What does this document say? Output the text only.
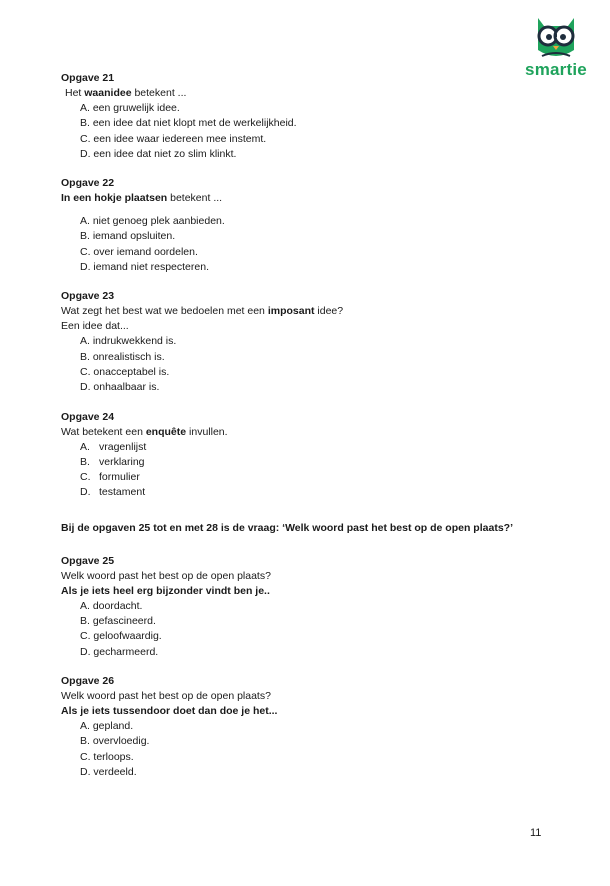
smartie
Opgave 21
Het waanidee betekent ...
A. een gruwelijk idee.
B. een idee dat niet klopt met de werkelijkheid.
C. een idee waar iedereen mee instemt.
D. een idee dat niet zo slim klinkt.
Opgave 22
In een hokje plaatsen betekent ...
A. niet genoeg plek aanbieden.
B. iemand opsluiten.
C. over iemand oordelen.
D. iemand niet respecteren.
Opgave 23
Wat zegt het best wat we bedoelen met een imposant idee?
Een idee dat...
A. indrukwekkend is.
B. onrealistisch is.
C. onacceptabel is.
D. onhaalbaar is.
Opgave 24
Wat betekent een enquête invullen.
A. vragenlijst
B. verklaring
C. formulier
D. testament
Bij de opgaven 25 tot en met 28 is de vraag: ‘Welk woord past het best op de open plaats?’
Opgave 25
Welk woord past het best op de open plaats?
Als je iets heel erg bijzonder vindt ben je..
A. doordacht.
B. gefascineerd.
C. geloofwaardig.
D. gecharmeerd.
Opgave 26
Welk woord past het best op de open plaats?
Als je iets tussendoor doet dan doe je het...
A. gepland.
B. overvloedig.
C. terloops.
D. verdeeld.
11
